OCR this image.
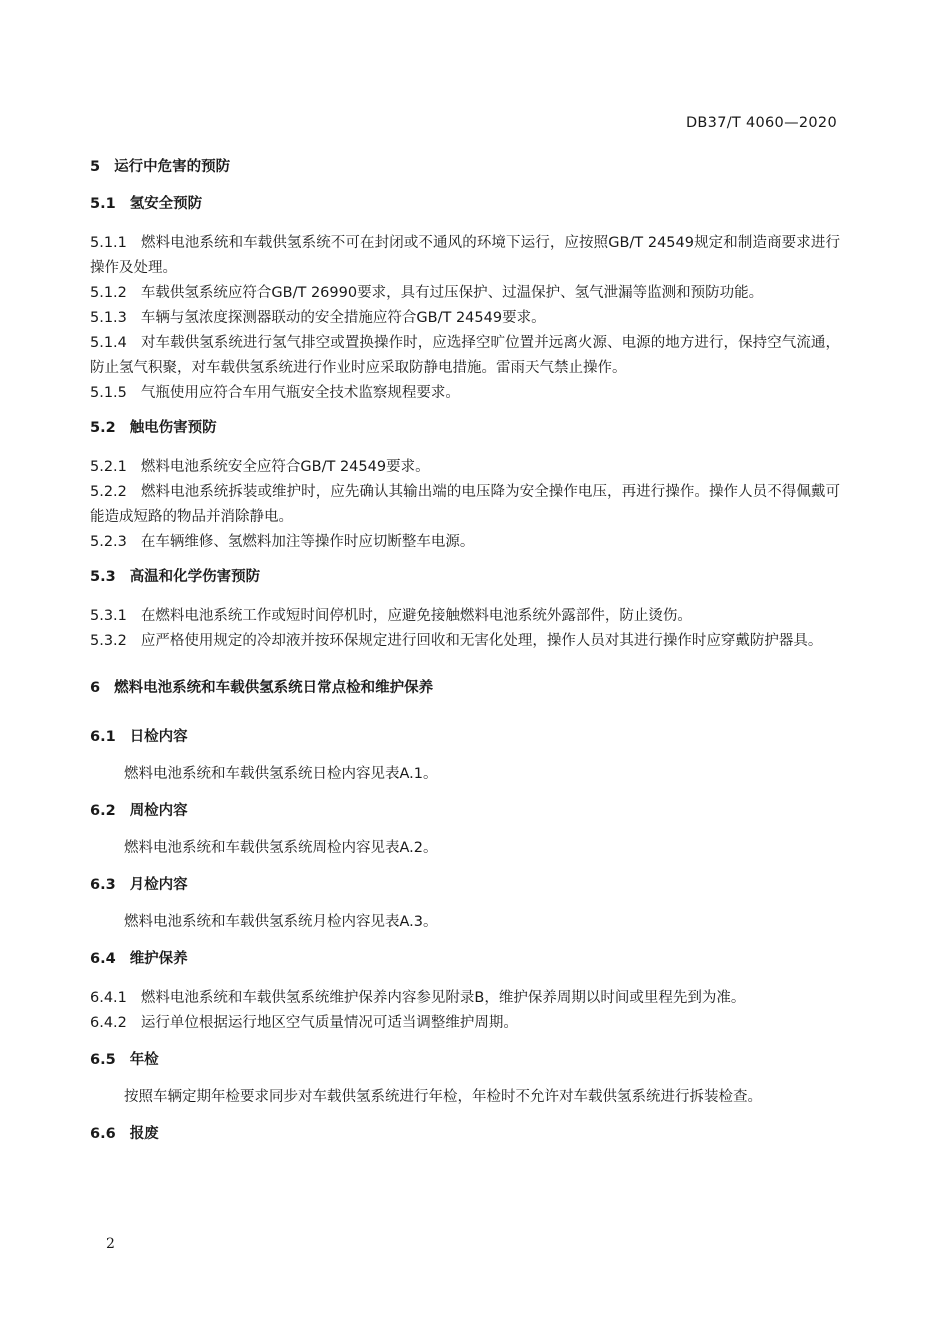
DB37/T 4060—2020
5 运行中危害的预防
5.1 氢安全预防
5.1.1 燃料电池系统和车载供氢系统不可在封闭或不通风的环境下运行，应按照GB/T 24549规定和制造商要求进行操作及处理。
5.1.2 车载供氢系统应符合GB/T 26990要求，具有过压保护、过温保护、氢气泄漏等监测和预防功能。
5.1.3 车辆与氢浓度探测器联动的安全措施应符合GB/T 24549要求。
5.1.4 对车载供氢系统进行氢气排空或置换操作时，应选择空旷位置并远离火源、电源的地方进行，保持空气流通，防止氢气积聚，对车载供氢系统进行作业时应采取防静电措施。雷雨天气禁止操作。
5.1.5 气瓶使用应符合车用气瓶安全技术监察规程要求。
5.2 触电伤害预防
5.2.1 燃料电池系统安全应符合GB/T 24549要求。
5.2.2 燃料电池系统拆装或维护时，应先确认其输出端的电压降为安全操作电压，再进行操作。操作人员不得佩戴可能造成短路的物品并消除静电。
5.2.3 在车辆维修、氢燃料加注等操作时应切断整车电源。
5.3 高温和化学伤害预防
5.3.1 在燃料电池系统工作或短时间停机时，应避免接触燃料电池系统外露部件，防止烫伤。
5.3.2 应严格使用规定的冷却液并按环保规定进行回收和无害化处理，操作人员对其进行操作时应穿戴防护器具。
6 燃料电池系统和车载供氢系统日常点检和维护保养
6.1 日检内容
燃料电池系统和车载供氢系统日检内容见表A.1。
6.2 周检内容
燃料电池系统和车载供氢系统周检内容见表A.2。
6.3 月检内容
燃料电池系统和车载供氢系统月检内容见表A.3。
6.4 维护保养
6.4.1 燃料电池系统和车载供氢系统维护保养内容参见附录B，维护保养周期以时间或里程先到为准。
6.4.2 运行单位根据运行地区空气质量情况可适当调整维护周期。
6.5 年检
按照车辆定期年检要求同步对车载供氢系统进行年检，年检时不允许对车载供氢系统进行拆装检查。
6.6 报废
2
